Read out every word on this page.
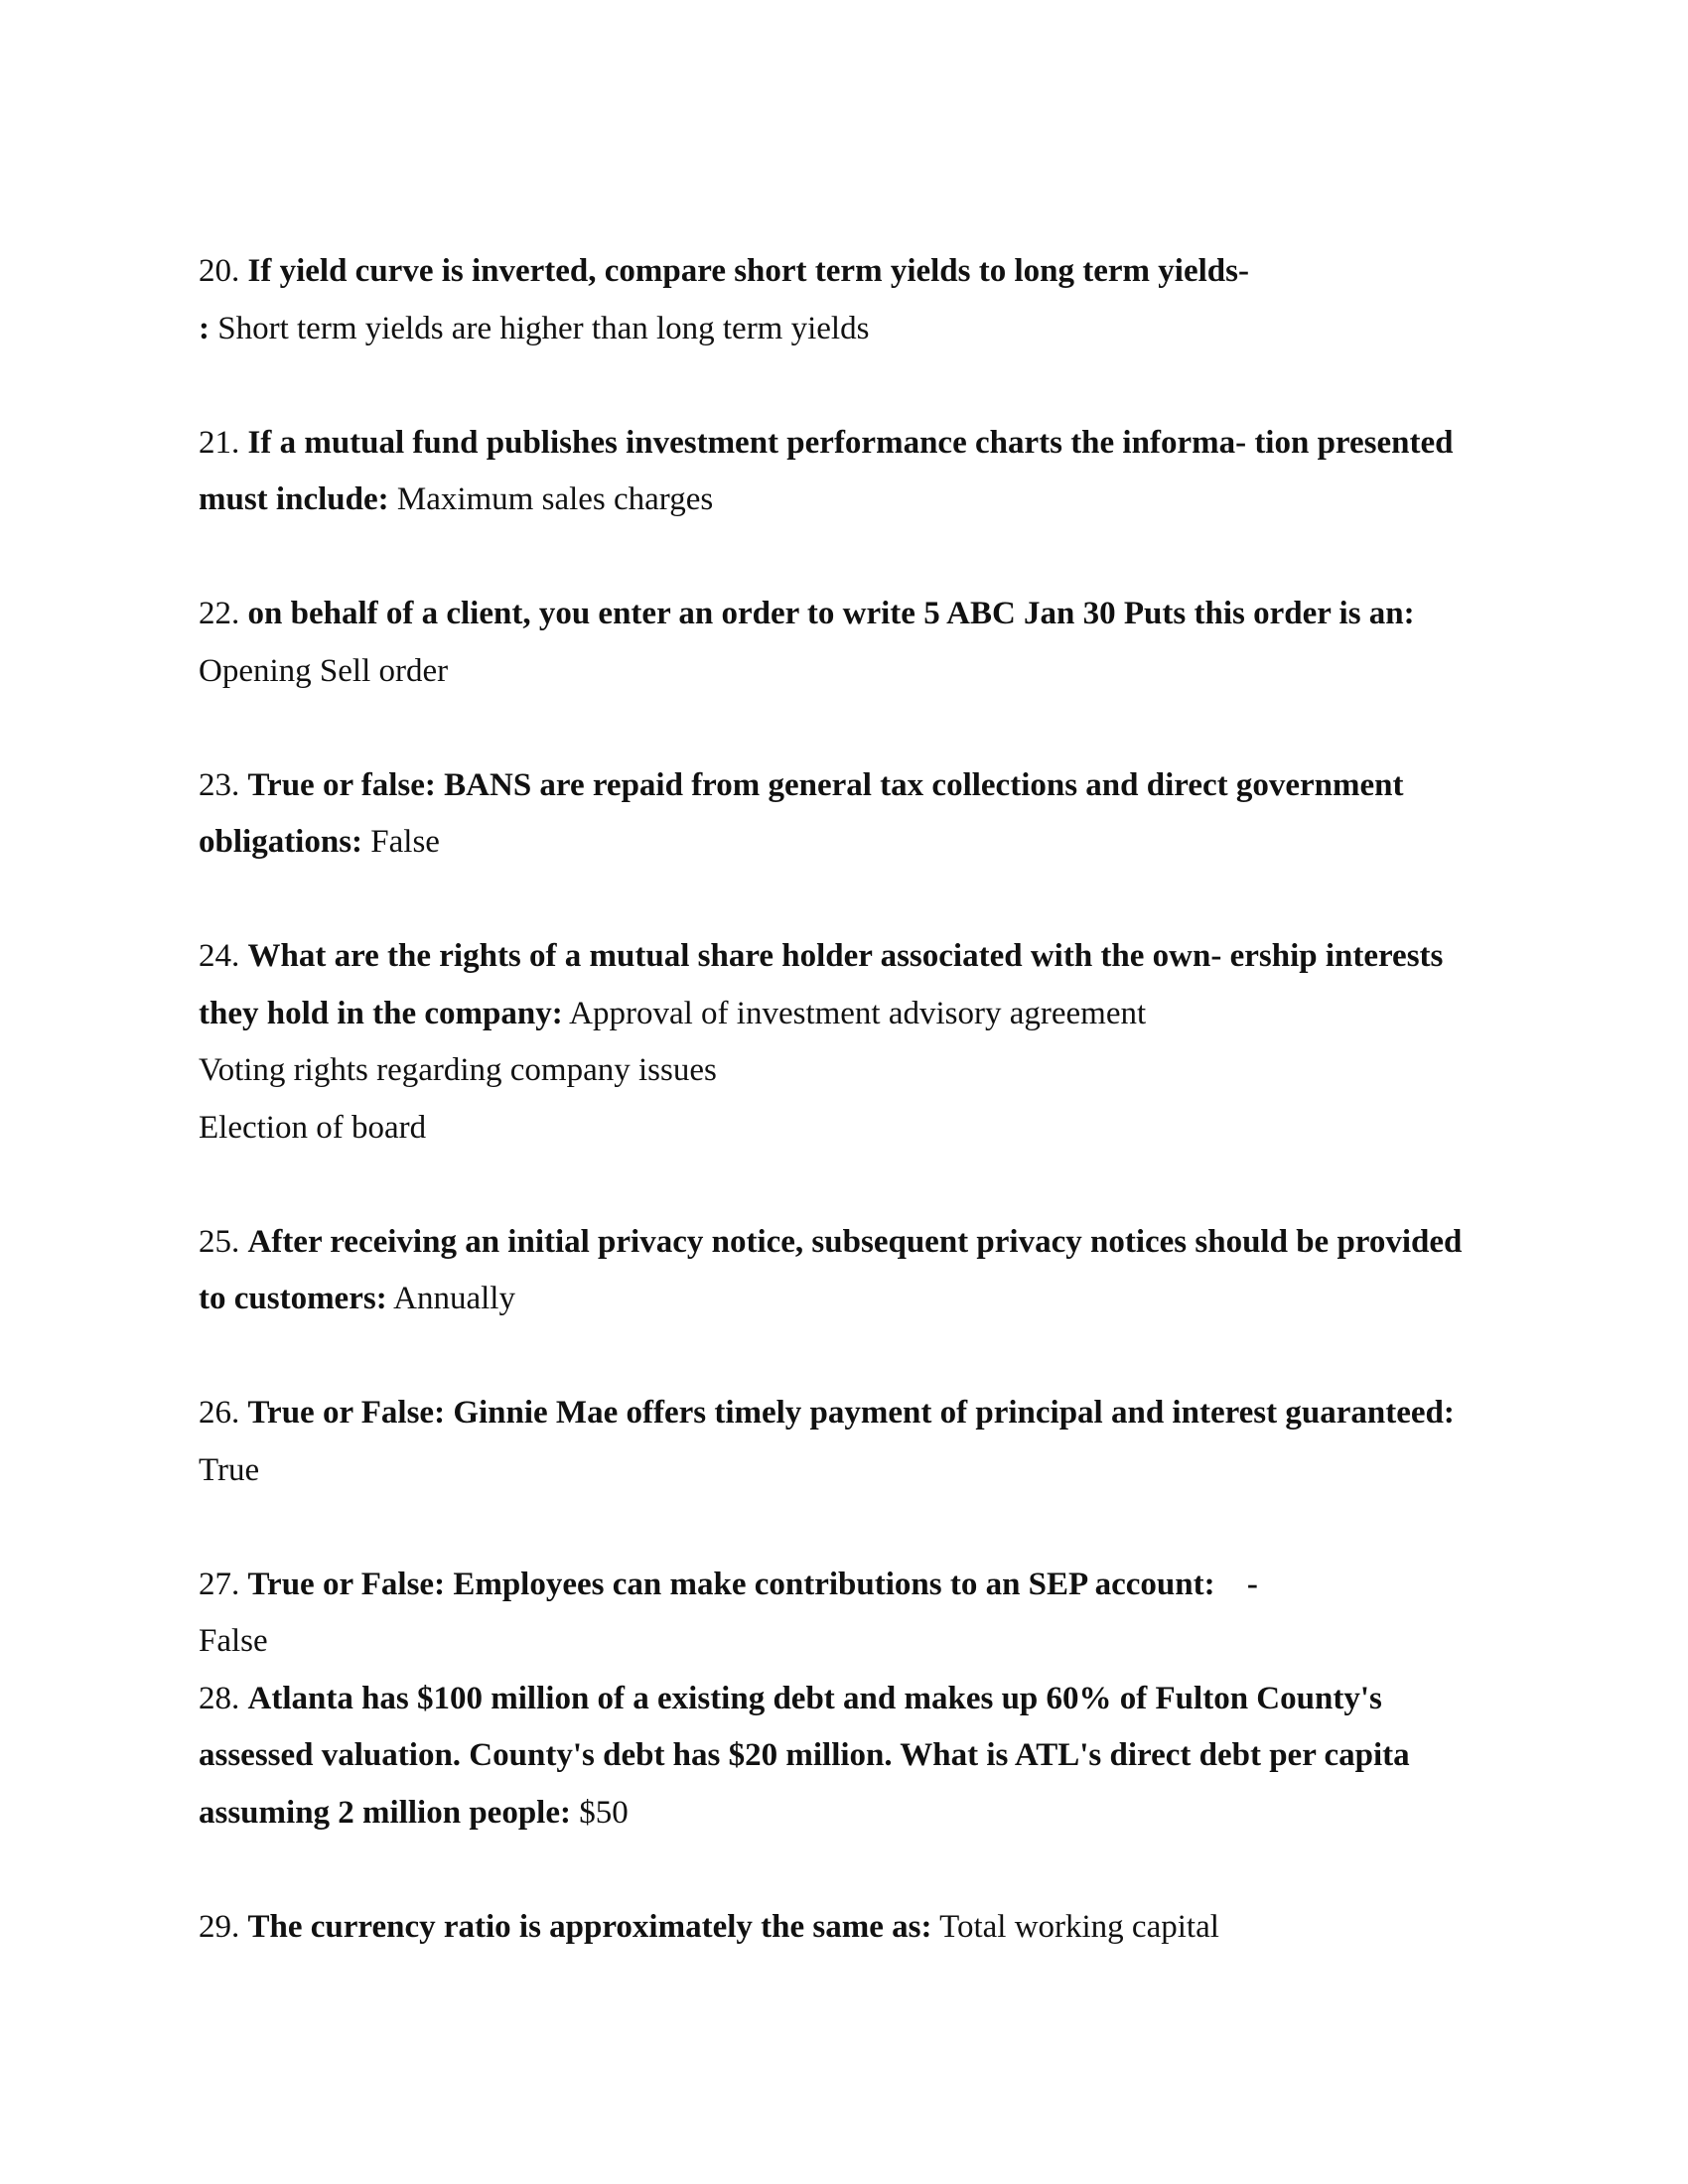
20. If yield curve is inverted, compare short term yields to long term yields-
: Short term yields are higher than long term yields
21. If a mutual fund publishes investment performance charts the informa- tion presented
must include: Maximum sales charges
22. on behalf of a client, you enter an order to write 5 ABC Jan 30 Puts this order is an:
Opening Sell order
23. True or false: BANS are repaid from general tax collections and direct government
obligations: False
24. What are the rights of a mutual share holder associated with the own- ership interests
they hold in the company: Approval of investment advisory agreement
Voting rights regarding company issues
Election of board
25. After receiving an initial privacy notice, subsequent privacy notices should be provided
to customers: Annually
26. True or False: Ginnie Mae offers timely payment of principal and interest guaranteed:
True
27. True or False: Employees can make contributions to an SEP account: -
False
28. Atlanta has $100 million of a existing debt and makes up 60% of Fulton County's
assessed valuation. County's debt has $20 million. What is ATL's direct debt per capita
assuming 2 million people: $50
29. The currency ratio is approximately the same as: Total working capital
